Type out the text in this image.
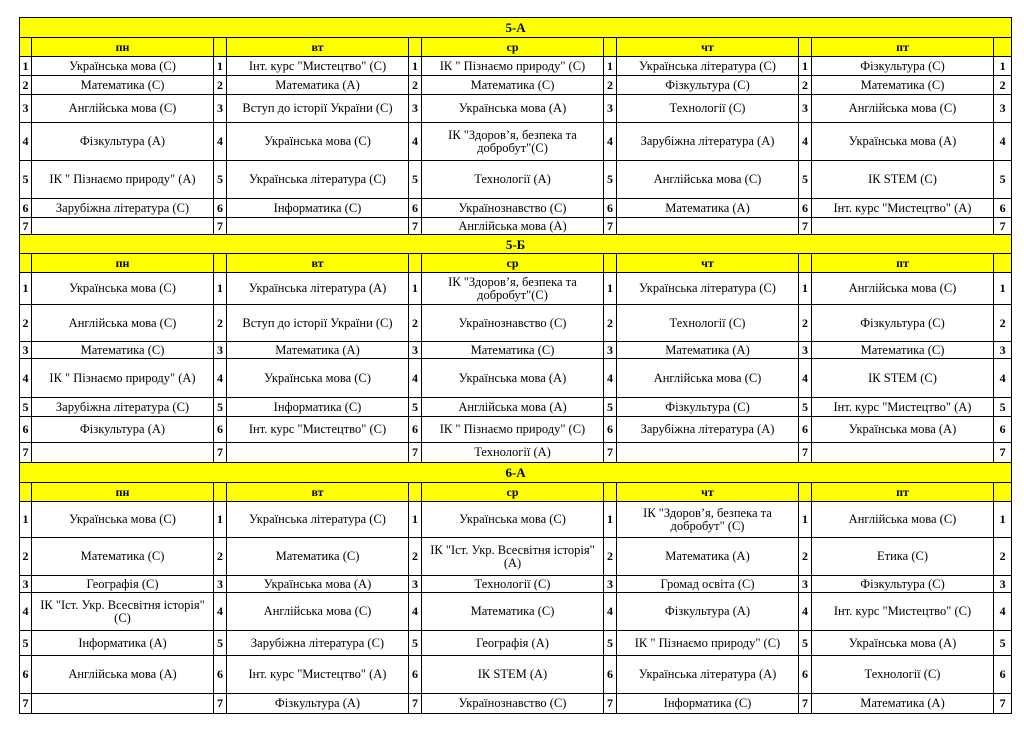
5-А										
	пн		вт		ср		чт		пт	
1	Українська мова (С)	1	Інт. курс "Мистецтво" (С)	1	ІК " Пізнаємо природу" (С)	1	Українська література (С)	1	Фізкультура (С)	1
2	Математика (С)	2	Математика (А)	2	Математика (С)	2	Фізкультура (С)	2	Математика (С)	2
3	Англійська мова (С)	3	Вступ до історії України (С)	3	Українська мова (А)	3	Технології (С)	3	Англійська мова (С)	3
4	Фізкультура (А)	4	Українська мова (С)	4	ІК "Здоров’я, безпека та добробут"(С)	4	Зарубіжна література (А)	4	Українська мова (А)	4
5	ІК " Пізнаємо природу" (А)	5	Українська література (С)	5	Технології (А)	5	Англійська мова (С)	5	ІК STEM (С)	5
6	Зарубіжна література (С)	6	Інформатика (С)	6	Українознавство (С)	6	Математика (А)	6	Інт. курс "Мистецтво" (А)	6
7		7		7	Англійська мова (А)	7		7		7
5-Б										
	пн		вт		ср		чт		пт	
1	Українська мова (С)	1	Українська література (А)	1	ІК "Здоров’я, безпека та добробут"(С)	1	Українська література (С)	1	Англійська мова (С)	1
2	Англійська мова (С)	2	Вступ до історії України (С)	2	Українознавство (С)	2	Технології (С)	2	Фізкультура (С)	2
3	Математика (С)	3	Математика (А)	3	Математика (С)	3	Математика (А)	3	Математика (С)	3
4	ІК " Пізнаємо природу" (А)	4	Українська мова (С)	4	Українська мова (А)	4	Англійська мова (С)	4	ІК STEM (С)	4
5	Зарубіжна література (С)	5	Інформатика (С)	5	Англійська мова (А)	5	Фізкультура (С)	5	Інт. курс "Мистецтво" (А)	5
6	Фізкультура (А)	6	Інт. курс "Мистецтво" (С)	6	ІК " Пізнаємо природу" (С)	6	Зарубіжна література (А)	6	Українська мова (А)	6
7		7		7	Технології (А)	7		7		7
6-А										
	пн		вт		ср		чт		пт	
1	Українська мова (С)	1	Українська література (С)	1	Українська мова (С)	1	ІК "Здоров’я, безпека та добробут" (С)	1	Англійська мова (С)	1
2	Математика (С)	2	Математика (С)	2	ІК "Іст. Укр. Всесвітня історія" (А)	2	Математика (А)	2	Етика (С)	2
3	Географія (С)	3	Українська мова (А)	3	Технології (С)	3	Громад освіта (С)	3	Фізкультура (С)	3
4	ІК "Іст. Укр. Всесвітня історія" (С)	4	Англійська мова (С)	4	Математика (С)	4	Фізкультура (А)	4	Інт. курс "Мистецтво" (С)	4
5	Інформатика (А)	5	Зарубіжна література (С)	5	Географія (А)	5	ІК " Пізнаємо природу" (С)	5	Українська мова (А)	5
6	Англійська мова (А)	6	Інт. курс "Мистецтво" (А)	6	ІК STEM (А)	6	Українська література (А)	6	Технології (С)	6
7		7	Фізкультура (А)	7	Українознавство (С)	7	Інформатика (С)	7	Математика (А)	7
